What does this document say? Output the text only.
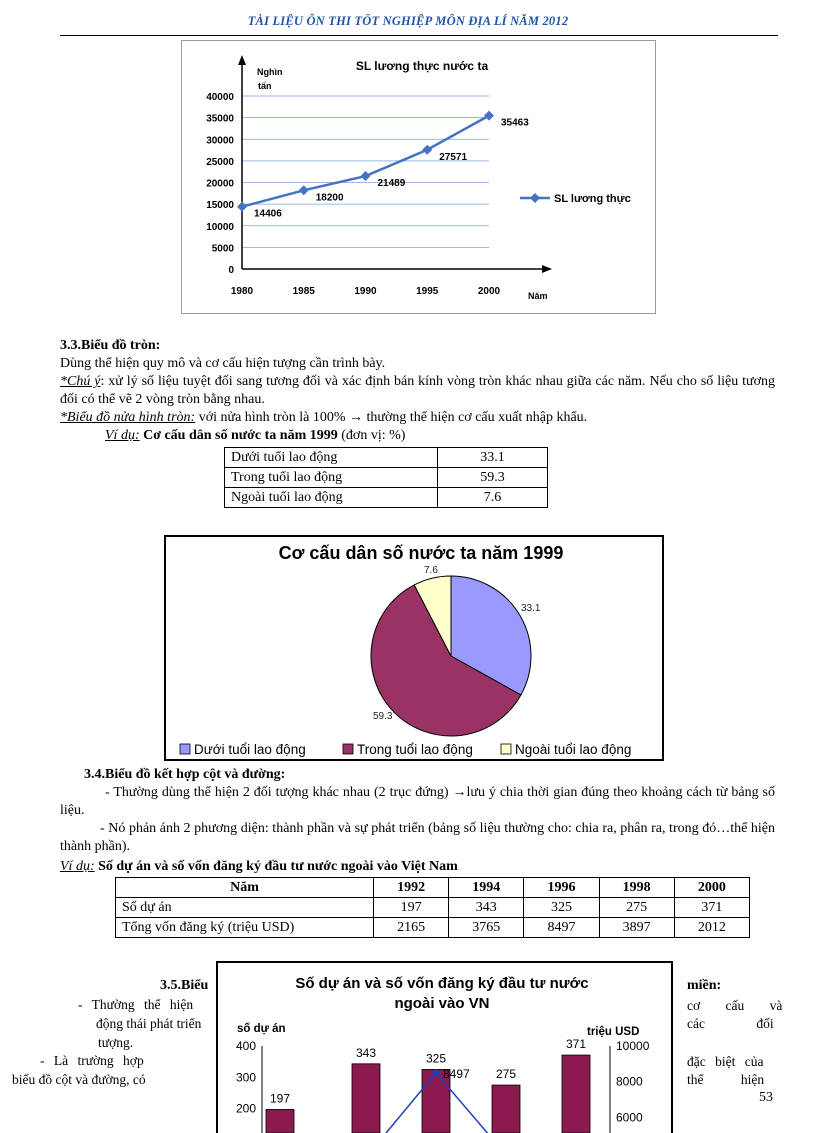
TÀI LIỆU ÔN THI TỐT NGHIỆP MÔN ĐỊA LÍ NĂM 2012
SL lương thực nước ta
Nghìn
tấn
Năm
40000
35000
30000
25000
20000
15000
10000
5000
0
1980	1985	1990	1995	2000
14406
18200
21489
27571
35463
SL lương thực
3.3.Biểu đồ tròn:
Dùng thể hiện quy mô và cơ cấu hiện tượng cần trình bày.
*Chú ý: xử lý số liệu tuyệt đối sang tương đối và xác định bán kính vòng tròn khác nhau giữa các năm. Nếu cho số liệu tương đối có thể vẽ 2 vòng tròn bằng nhau.
*Biểu đồ nửa hình tròn: với nửa hình tròn là 100% → thường thể hiện cơ cấu xuất nhập khẩu.
Ví dụ: Cơ cấu dân số nước ta năm 1999 (đơn vị: %)
Dưới tuổi lao động	33.1
Trong tuổi lao động	59.3
Ngoài tuổi lao động	7.6
Cơ cấu dân số nước ta năm 1999
33.1
59.3
7.6
Dưới tuổi lao động	Trong tuổi lao động	Ngoài tuổi lao động
3.4.Biểu đồ kết hợp cột và đường:
- Thường dùng thể hiện 2 đối tượng khác nhau (2 trục đứng) →lưu ý chia thời gian đúng theo khoảng cách từ bảng số liệu.
- Nó phản ánh 2 phương diện: thành phần và sự phát triển (bảng số liệu thường cho: chia ra, phân ra, trong đó…thể hiện thành phần).
Ví dụ: Số dự án và số vốn đăng ký đầu tư nước ngoài vào Việt Nam
Năm	1992	1994	1996	1998	2000
Số dự án	197	343	325	275	371
Tổng vốn đăng ký (triệu USD)	2165	3765	8497	3897	2012
3.5.Biểu	miền:
- Thường thể hiện
động thái phát triển
tượng.
- Là trường hợp
biểu đồ cột và đường, có
cơ cấu và
các đối
đặc biệt của
thể hiện
53
Số dự án và số vốn đăng ký đầu tư nước
ngoài vào VN
số dự án	triệu USD
400
300
200
10000
8000
6000
197
343	325
275
371
8497
